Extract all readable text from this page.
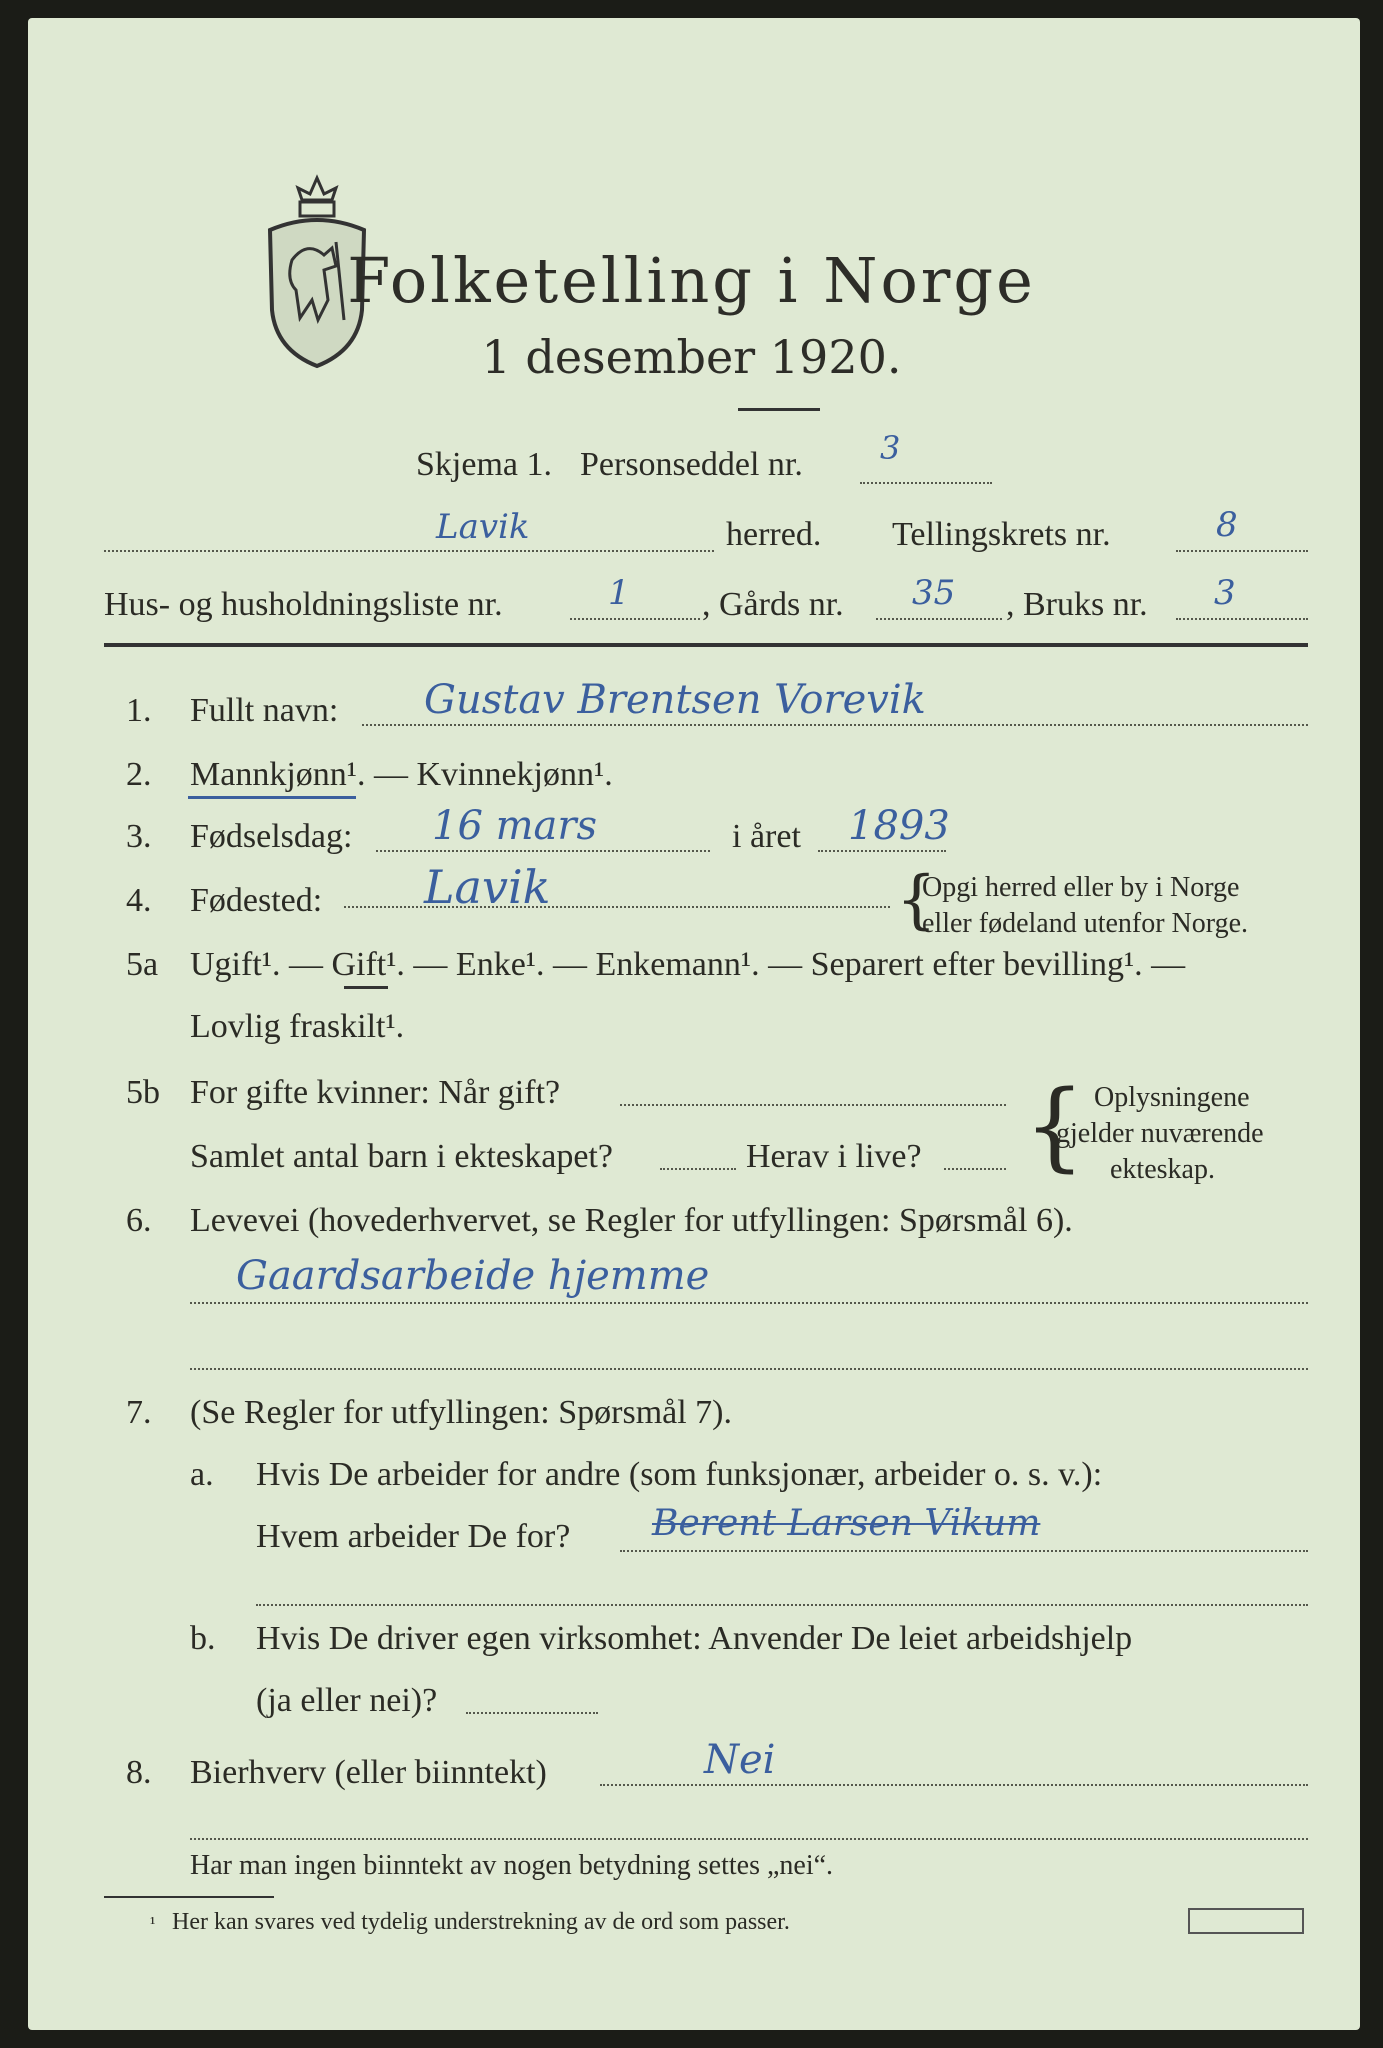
Folketelling i Norge
1 desember 1920.
Skjema 1. Personseddel nr. 3
Lavik	herred. Tellingskrets nr.	8
Hus- og husholdningsliste nr.	1 , Gårds nr. 35 , Bruks nr. 3
1. Fullt navn: Gustav Brentsen Vorevik
2. Mannkjønn¹. — Kvinnekjønn¹.
3. Fødselsdag: 16 mars	i året 1893
4. Fødested: Lavik	{
Opgi herred eller by i Norge
eller fødeland utenfor Norge.
5a Ugift¹. — Gift¹. — Enke¹. — Enkemann¹. — Separert efter bevilling¹. —
Lovlig fraskilt¹.
5b For gifte kvinner: Når gift?
Samlet antal barn i ekteskapet?	Herav i live? { Oplysningene
gjelder nuværende
ekteskap.
6. Levevei (hovederhvervet, se Regler for utfyllingen: Spørsmål 6).
Gaardsarbeide hjemme
7. (Se Regler for utfyllingen: Spørsmål 7).
a. Hvis De arbeider for andre (som funksjonær, arbeider o. s. v.):
Hvem arbeider De for? Berent Larsen Vikum
b. Hvis De driver egen virksomhet: Anvender De leiet arbeidshjelp
(ja eller nei)?
8. Bierhverv (eller biinntekt)	Nei
Har man ingen biinntekt av nogen betydning settes „nei“.
¹ Her kan svares ved tydelig understrekning av de ord som passer.
